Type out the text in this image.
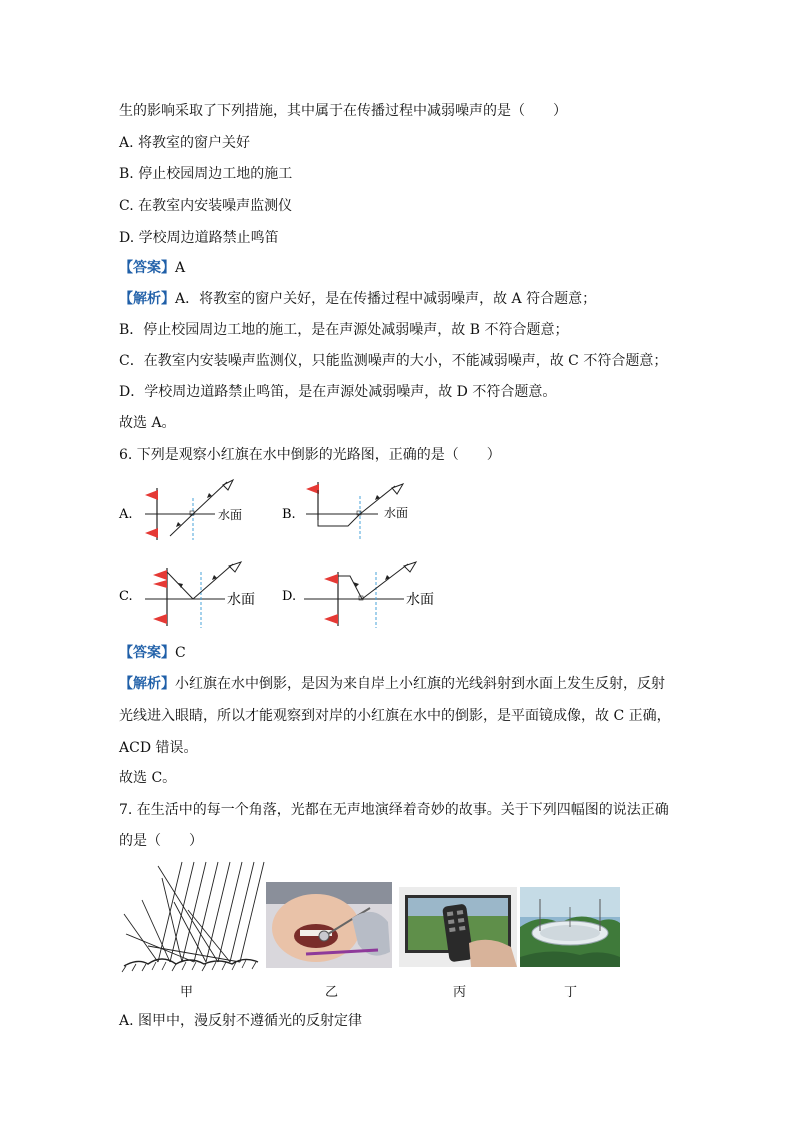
生的影响采取了下列措施，其中属于在传播过程中减弱噪声的是（　　）
A. 将教室的窗户关好
B. 停止校园周边工地的施工
C. 在教室内安装噪声监测仪
D. 学校周边道路禁止鸣笛
【答案】A
【解析】A．将教室的窗户关好，是在传播过程中减弱噪声，故 A 符合题意；
B．停止校园周边工地的施工，是在声源处减弱噪声，故 B 不符合题意；
C．在教室内安装噪声监测仪，只能监测噪声的大小，不能减弱噪声，故 C 不符合题意；
D．学校周边道路禁止鸣笛，是在声源处减弱噪声，故 D 不符合题意。
故选 A。
6. 下列是观察小红旗在水中倒影的光路图，正确的是（　　）
A.	水面	B.	水面
C.	水面 D.	水面
【答案】C
【解析】小红旗在水中倒影，是因为来自岸上小红旗的光线斜射到水面上发生反射，反射
光线进入眼睛，所以才能观察到对岸的小红旗在水中的倒影，是平面镜成像，故 C 正确，
ACD 错误。
故选 C。
7. 在生活中的每一个角落，光都在无声地演绎着奇妙的故事。关于下列四幅图的说法正确
的是（　　）
甲	乙	丙	丁
A. 图甲中，漫反射不遵循光的反射定律
